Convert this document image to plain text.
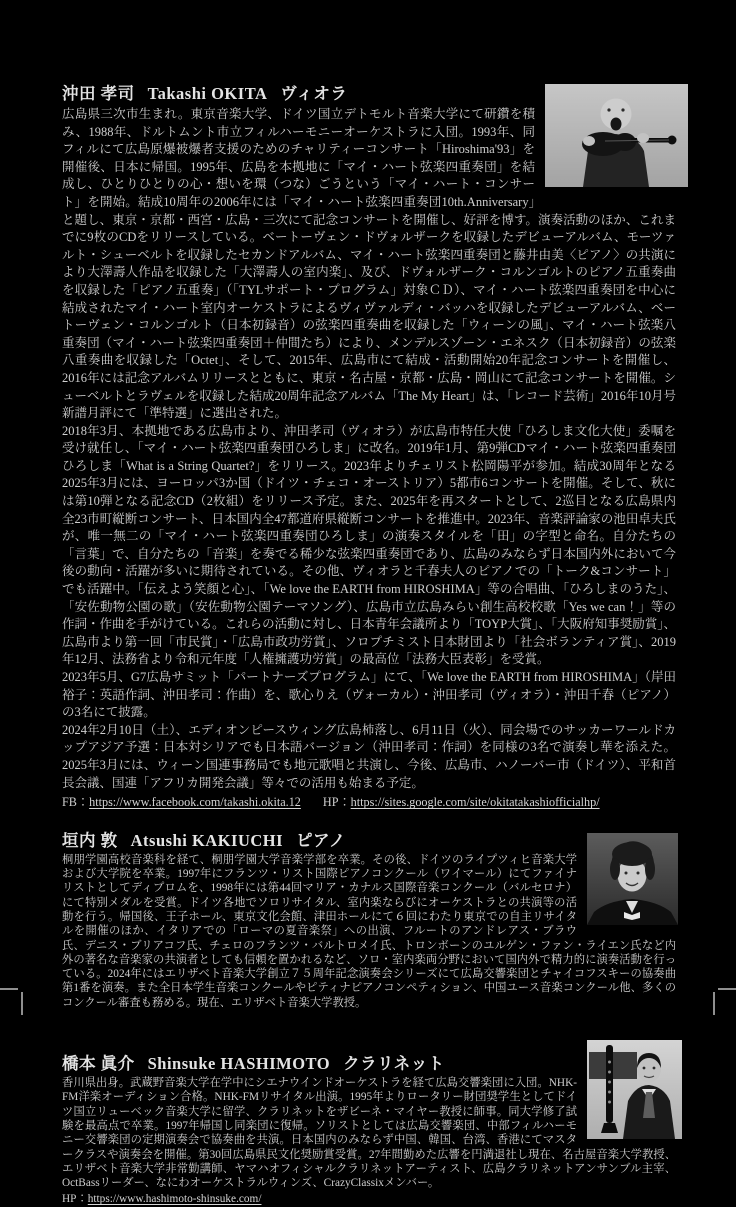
沖田 孝司 Takashi OKITA ヴィオラ

広島県三次市生まれ。東京音楽大学、ドイツ国立デトモルト音楽大学にて研鑽を積み、1988年、ドルトムント市立フィルハーモニーオーケストラに入団。1993年、同フィルにて広島原爆被爆者支援のためのチャリティーコンサート「Hiroshima'93」を開催後、日本に帰国。1995年、広島を本拠地に「マイ・ハート弦楽四重奏団」を結成し、ひとりひとりの心・想いを環（つな）ごうという「マイ・ハート・コンサート」を開始。結成10周年の2006年には「マイ・ハート弦楽四重奏団10th.Anniversary」と題し、東京・京都・西宮・広島・三次にて記念コンサートを開催し、好評を博す。演奏活動のほか、これまでに9枚のCDをリリースしている。ベートーヴェン・ドヴォルザークを収録したデビューアルバム、モーツァルト・シューベルトを収録したセカンドアルバム、マイ・ハート弦楽四重奏団と藤井由美〈ピアノ〉の共演により大澤壽人作品を収録した「大澤壽人の室内楽」、及び、ドヴォルザーク・コルンゴルトのピアノ五重奏曲を収録した「ピアノ五重奏」（「TYLサポート・プログラム」対象ＣＤ）、マイ・ハート弦楽四重奏団を中心に結成されたマイ・ハート室内オーケストラによるヴィヴァルディ・バッハを収録したデビューアルバム、ベートーヴェン・コルンゴルト（日本初録音）の弦楽四重奏曲を収録した「ウィーンの風」、マイ・ハート弦楽八重奏団（マイ・ハート弦楽四重奏団＋仲間たち）により、メンデルスゾーン・エネスク（日本初録音）の弦楽八重奏曲を収録した「Octet」、そして、2015年、広島市にて結成・活動開始20年記念コンサートを開催し、2016年には記念アルバムリリースとともに、東京・名古屋・京都・広島・岡山にて記念コンサートを開催。シューベルトとラヴェルを収録した結成20周年記念アルバム「The My Heart」は、「レコード芸術」2016年10月号新譜月評にて「準特選」に選出された。

2018年3月、本拠地である広島市より、沖田孝司（ヴィオラ）が広島市特任大使「ひろしま文化大使」委嘱を受け就任し、「マイ・ハート弦楽四重奏団ひろしま」に改名。2019年1月、第9弾CDマイ・ハート弦楽四重奏団ひろしま「What is a String Quartet?」をリリース。2023年よりチェリスト松岡陽平が参加。結成30周年となる2025年3月には、ヨーロッパ3か国（ドイツ・チェコ・オーストリア）5都市6コンサートを開催。そして、秋には第10弾となる記念CD（2枚組）をリリース予定。また、2025年を再スタートとして、2巡目となる広島県内全23市町縦断コンサート、日本国内全47都道府県縦断コンサートを推進中。2023年、音楽評論家の池田卓夫氏が、唯一無二の「マイ・ハート弦楽四重奏団ひろしま」の演奏スタイルを「田」の字型と命名。自分たちの「言葉」で、自分たちの「音楽」を奏でる稀少な弦楽四重奏団であり、広島のみならず日本国内外において今後の動向・活躍が多いに期待されている。その他、ヴィオラと千春夫人のピアノでの「トーク&コンサート」でも活躍中。「伝えよう笑顔と心」、「We love the EARTH from HIROSHIMA」等の合唱曲、「ひろしまのうた」、「安佐動物公園の歌」（安佐動物公園テーマソング）、広島市立広島みらい創生高校校歌「Yes we can！」等の作詞・作曲を手がけている。これらの活動に対し、日本青年会議所より「TOYP大賞」、「大阪府知事奨励賞」、広島市より第一回「市民賞」・「広島市政功労賞」、ソロプチミスト日本財団より「社会ボランティア賞」、2019年12月、法務省より令和元年度「人権擁護功労賞」の最高位「法務大臣表彰」を受賞。

2023年5月、G7広島サミット「パートナーズプログラム」にて、「We love the EARTH from HIROSHIMA」（岸田裕子：英語作詞、沖田孝司：作曲）を、歌心りえ（ヴォーカル）・沖田孝司（ヴィオラ）・沖田千春（ピアノ）の3名にて披露。

2024年2月10日（土）、エディオンピースウィング広島柿落し、6月11日（火）、同会場でのサッカーワールドカップアジア予選：日本対シリアでも日本語バージョン（沖田孝司：作詞）を同様の3名で演奏し華を添えた。2025年3月には、ウィーン国連事務局でも地元歌唱と共演し、今後、広島市、ハノーバー市（ドイツ）、平和首長会議、国連「アフリカ開発会議」等々での活用も始まる予定。

FB：https://www.facebook.com/takashi.okita.12 HP：https://sites.google.com/site/okitatakashiofficialhp/

垣内 敦 Atsushi KAKIUCHI ピアノ

桐朋学園高校音楽科を経て、桐朋学園大学音楽学部を卒業。その後、ドイツのライプツィヒ音楽大学および大学院を卒業。1997年にフランツ・リスト国際ピアノコンクール（ワイマール）にてファイナリストとしてディプロムを、1998年には第44回マリア・カナルス国際音楽コンクール（バルセロナ）にて特別メダルを受賞。ドイツ各地でソロリサイタル、室内楽ならびにオーケストラとの共演等の活動を行う。帰国後、王子ホール、東京文化会館、津田ホールにて６回にわたり東京での自主リサイタルを開催のほか、イタリアでの「ローマの夏音楽祭」への出演、フルートのアンドレアス・ブラウ氏、デニス・ブリアコフ氏、チェロのフランツ・バルトロメイ氏、トロンボーンのユルゲン・ファン・ライエン氏など内外の著名な音楽家の共演者としても信頼を置かれるなど、ソロ・室内楽両分野において国内外で精力的に演奏活動を行っている。2024年にはエリザベト音楽大学創立７５周年記念演奏会シリーズにて広島交響楽団とチャイコフスキーの協奏曲第1番を演奏。また全日本学生音楽コンクールやピティナピアノコンペティション、中国ユース音楽コンクール他、多くのコンクール審査も務める。現在、エリザベト音楽大学教授。

橋本 眞介 Shinsuke HASHIMOTO クラリネット

香川県出身。武蔵野音楽大学在学中にシエナウインドオーケストラを経て広島交響楽団に入団。NHK-FM洋楽オーディション合格。NHK-FMリサイタル出演。1995年よりロータリー財団奨学生としてドイツ国立リューベック音楽大学に留学、クラリネットをザビーネ・マイヤー教授に師事。同大学修了試験を最高点で卒業。1997年帰国し同楽団に復帰。ソリストとしては広島交響楽団、中部フィルハーモニー交響楽団の定期演奏会で協奏曲を共演。日本国内のみならず中国、韓国、台湾、香港にてマスタークラスや演奏会を開催。第30回広島県民文化奨励賞受賞。27年間勤めた広響を円満退社し現在、名古屋音楽大学教授、エリザベト音楽大学非常勤講師、ヤマハオフィシャルクラリネットアーティスト、広島クラリネットアンサンブル主宰、OctBassリーダー、なにわオーケストラルウィンズ、CrazyClassixメンバー。

HP：https://www.hashimoto-shinsuke.com/
